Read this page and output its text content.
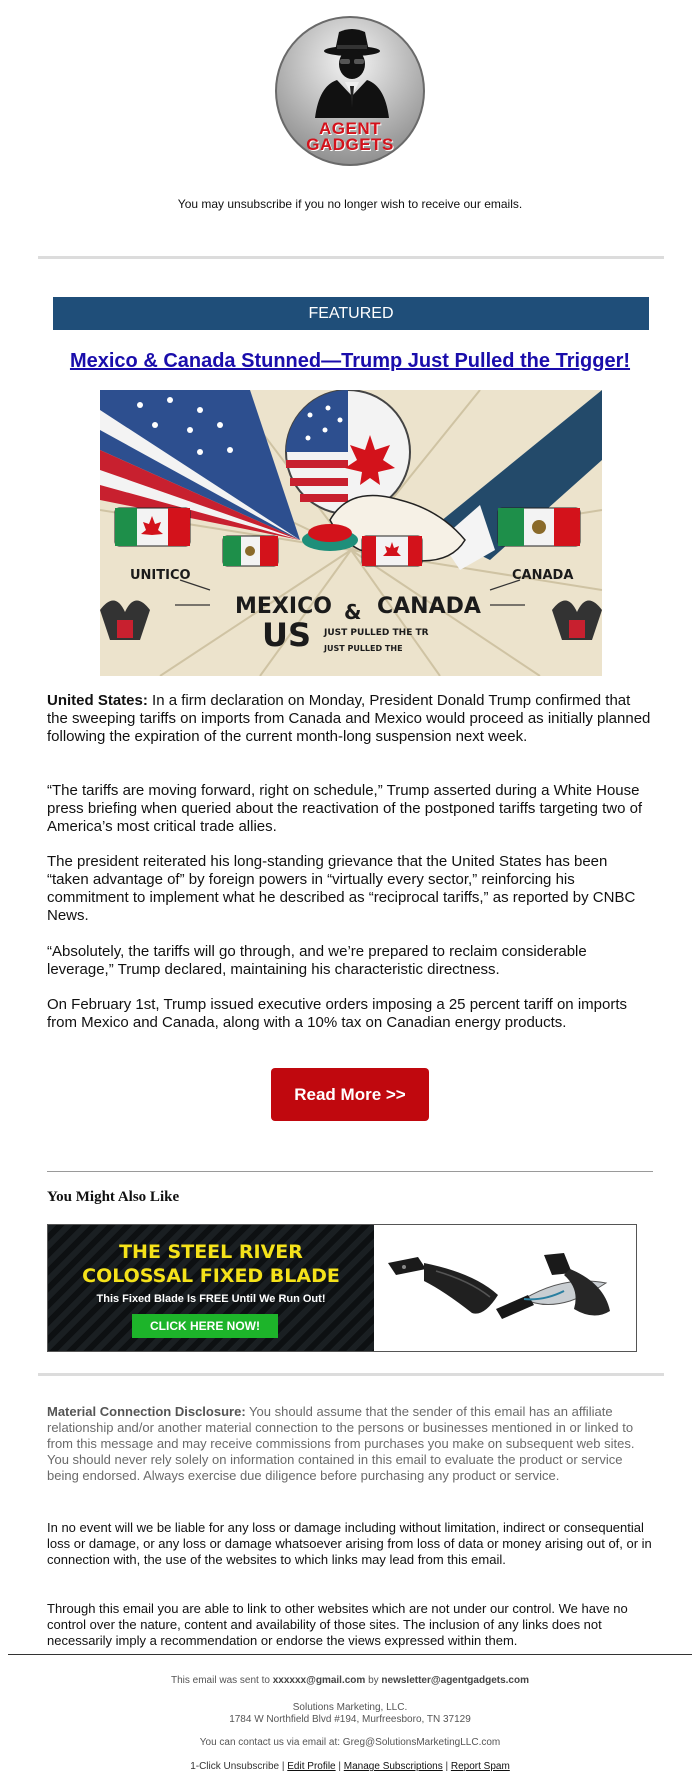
AGENT
GADGETS
You may unsubscribe if you no longer wish to receive our emails.
FEATURED
Mexico & Canada Stunned—Trump Just Pulled the Trigger!
UNITICO	CANADA
MEXICO & CANADA
US JUST PULLED THE TR
JUST PULLED THE
United States: In a firm declaration on Monday, President Donald Trump confirmed that the sweeping tariffs on imports from Canada and Mexico would proceed as initially planned following the expiration of the current month-long suspension next week.
“The tariffs are moving forward, right on schedule,” Trump asserted during a White House press briefing when queried about the reactivation of the postponed tariffs targeting two of America’s most critical trade allies.
The president reiterated his long-standing grievance that the United States has been “taken advantage of” by foreign powers in “virtually every sector,” reinforcing his commitment to implement what he described as “reciprocal tariffs,” as reported by CNBC News.
“Absolutely, the tariffs will go through, and we’re prepared to reclaim considerable leverage,” Trump declared, maintaining his characteristic directness.
On February 1st, Trump issued executive orders imposing a 25 percent tariff on imports from Mexico and Canada, along with a 10% tax on Canadian energy products.
Read More >>
You Might Also Like
THE STEEL RIVER
COLOSSAL FIXED BLADE
This Fixed Blade Is FREE Until We Run Out!
CLICK HERE NOW!
Material Connection Disclosure: You should assume that the sender of this email has an affiliate relationship and/or another material connection to the persons or businesses mentioned in or linked to from this message and may receive commissions from purchases you make on subsequent web sites. You should never rely solely on information contained in this email to evaluate the product or service being endorsed. Always exercise due diligence before purchasing any product or service.
In no event will we be liable for any loss or damage including without limitation, indirect or consequential loss or damage, or any loss or damage whatsoever arising from loss of data or money arising out of, or in connection with, the use of the websites to which links may lead from this email.
Through this email you are able to link to other websites which are not under our control. We have no control over the nature, content and availability of those sites. The inclusion of any links does not necessarily imply a recommendation or endorse the views expressed within them.
This email was sent to xxxxxx@gmail.com by newsletter@agentgadgets.com
Solutions Marketing, LLC.
1784 W Northfield Blvd #194, Murfreesboro, TN 37129
You can contact us via email at: Greg@SolutionsMarketingLLC.com
1-Click Unsubscribe | Edit Profile | Manage Subscriptions | Report Spam
